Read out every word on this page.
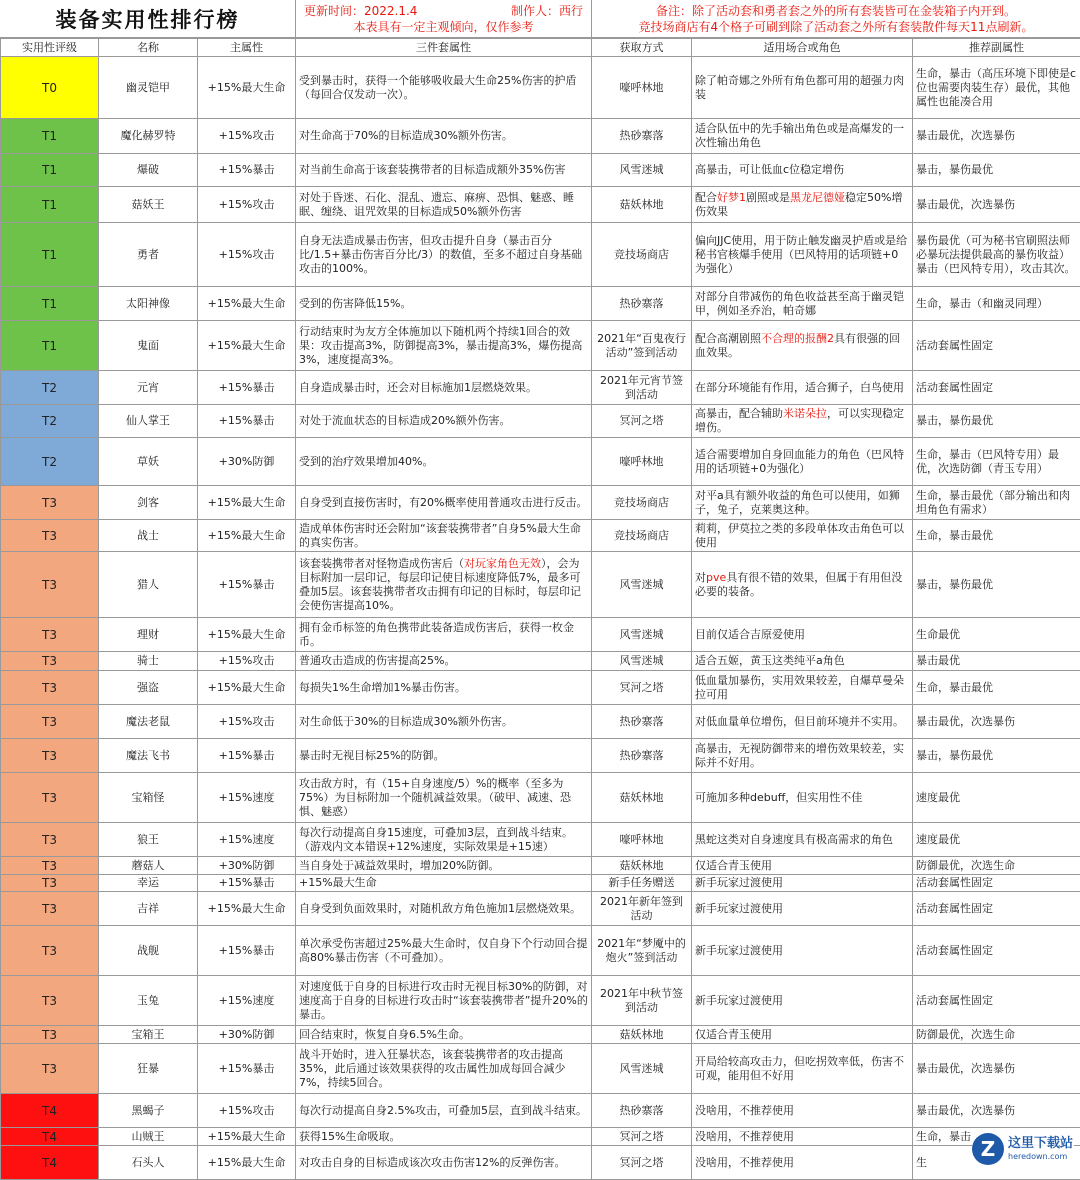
装备实用性排行榜	更新时间：2022.1.4	制作人：西行
本表具有一定主观倾向，仅作参考
备注：除了活动套和勇者套之外的所有套装皆可在金装箱子内开到。
竞技场商店有4个格子可刷到除了活动套之外所有套装散件每天11点刷新。
实用性评级	名称	主属性	三件套属性	获取方式	适用场合或角色	推荐副属性
T0	幽灵铠甲	+15%最大生命	受到暴击时，获得一个能够吸收最大生命25%伤害的护盾（每回合仅发动一次）。	嚎呼林地	除了帕奇娜之外所有角色都可用的超强力肉装	生命，暴击（高压环境下即使是c位也需要肉装生存）最优，其他属性也能凑合用
T1	魔化赫罗特	+15%攻击	对生命高于70%的目标造成30%额外伤害。	热砂寨落	适合队伍中的先手输出角色或是高爆发的一次性输出角色	暴击最优，次选暴伤
T1	爆破	+15%暴击	对当前生命高于该套装携带者的目标造成额外35%伤害	风雪迷城	高暴击，可让低血c位稳定增伤	暴击，暴伤最优
T1	菇妖王	+15%攻击	对处于昏迷、石化、混乱、遗忘、麻痹、恐惧、魅惑、睡眠、缠绕、诅咒效果的目标造成50%额外伤害	菇妖林地	配合好梦1剧照或是黑龙尼德娅稳定50%增伤效果	暴击最优，次选暴伤
T1	勇者	+15%攻击	自身无法造成暴击伤害，但攻击提升自身（暴击百分比/1.5+暴击伤害百分比/3）的数值，至多不超过自身基础攻击的100%。	竞技场商店	偏向JJC使用，用于防止触发幽灵护盾或是给秘书官核爆手使用（巴风特用的话项链+0为强化）	暴伤最优（可为秘书官刷照法师必暴玩法提供最高的暴伤收益）暴击（巴风特专用），攻击其次。
T1	太阳神像	+15%最大生命	受到的伤害降低15%。	热砂寨落	对部分自带减伤的角色收益甚至高于幽灵铠甲，例如圣乔治，帕奇娜	生命，暴击（和幽灵同理）
T1	鬼面	+15%最大生命	行动结束时为友方全体施加以下随机两个持续1回合的效果：攻击提高3%，防御提高3%，暴击提高3%，爆伤提高3%，速度提高3%。	2021年“百鬼夜行活动”签到活动	配合高潮剧照不合理的报酬2具有很强的回血效果。	活动套属性固定
T2	元宵	+15%暴击	自身造成暴击时，还会对目标施加1层燃烧效果。	2021年元宵节签到活动	在部分环境能有作用，适合狮子，白鸟使用	活动套属性固定
T2	仙人掌王	+15%暴击	对处于流血状态的目标造成20%额外伤害。	冥河之塔	高暴击，配合辅助米诺朵拉，可以实现稳定增伤。	暴击，暴伤最优
T2	草妖	+30%防御	受到的治疗效果增加40%。	嚎呼林地	适合需要增加自身回血能力的角色（巴风特用的话项链+0为强化）	生命，暴击（巴风特专用）最优，次选防御（青玉专用）
T3	剑客	+15%最大生命	自身受到直接伤害时，有20%概率使用普通攻击进行反击。	竞技场商店	对平a具有额外收益的角色可以使用，如狮子，兔子，克莱奥这种。	生命，暴击最优（部分输出和肉坦角色有需求）
T3	战士	+15%最大生命	造成单体伤害时还会附加“该套装携带者”自身5%最大生命的真实伤害。	竞技场商店	莉莉，伊莫拉之类的多段单体攻击角色可以使用	生命，暴击最优
T3	猎人	+15%暴击	该套装携带者对怪物造成伤害后（对玩家角色无效），会为目标附加一层印记，每层印记使目标速度降低7%，最多可叠加5层。该套装携带者攻击拥有印记的目标时，每层印记会使伤害提高10%。	风雪迷城	对pve具有很不错的效果，但属于有用但没必要的装备。	暴击，暴伤最优
T3	理财	+15%最大生命	拥有金币标签的角色携带此装备造成伤害后，获得一枚金币。	风雪迷城	目前仅适合吉原爱使用	生命最优
T3	骑士	+15%攻击	普通攻击造成的伤害提高25%。	风雪迷城	适合五姬，黄玉这类纯平a角色	暴击最优
T3	强盗	+15%最大生命	每损失1%生命增加1%暴击伤害。	冥河之塔	低血量加暴伤，实用效果较差，自爆草曼朵拉可用	生命，暴击最优
T3	魔法老鼠	+15%攻击	对生命低于30%的目标造成30%额外伤害。	热砂寨落	对低血量单位增伤，但目前环境并不实用。	暴击最优，次选暴伤
T3	魔法飞书	+15%暴击	暴击时无视目标25%的防御。	热砂寨落	高暴击，无视防御带来的增伤效果较差，实际并不好用。	暴击，暴伤最优
T3	宝箱怪	+15%速度	攻击敌方时，有（15+自身速度/5）%的概率（至多为75%）为目标附加一个随机减益效果。（破甲、减速、恐惧、魅惑）	菇妖林地	可施加多种debuff，但实用性不佳	速度最优
T3	狼王	+15%速度	每次行动提高自身15速度，可叠加3层，直到战斗结束。（游戏内文本错误+12%速度，实际效果是+15速）	嚎呼林地	黑蛇这类对自身速度具有极高需求的角色	速度最优
T3	蘑菇人	+30%防御	当自身处于减益效果时，增加20%防御。	菇妖林地	仅适合青玉使用	防御最优，次选生命
T3	幸运	+15%暴击	+15%最大生命	新手任务赠送	新手玩家过渡使用	活动套属性固定
T3	吉祥	+15%最大生命	自身受到负面效果时，对随机敌方角色施加1层燃烧效果。	2021年新年签到活动	新手玩家过渡使用	活动套属性固定
T3	战舰	+15%暴击	单次承受伤害超过25%最大生命时，仅自身下个行动回合提高80%暴击伤害（不可叠加）。	2021年“梦魇中的炮火”签到活动	新手玩家过渡使用	活动套属性固定
T3	玉兔	+15%速度	对速度低于自身的目标进行攻击时无视目标30%的防御，对速度高于自身的目标进行攻击时“该套装携带者”提升20%的暴击。	2021年中秋节签到活动	新手玩家过渡使用	活动套属性固定
T3	宝箱王	+30%防御	回合结束时，恢复自身6.5%生命。	菇妖林地	仅适合青玉使用	防御最优，次选生命
T3	狂暴	+15%暴击	战斗开始时，进入狂暴状态，该套装携带者的攻击提高35%，此后通过该效果获得的攻击属性加成每回合减少7%，持续5回合。	风雪迷城	开局给较高攻击力，但吃拐效率低，伤害不可观，能用但不好用	暴击最优，次选暴伤
T4	黑蝎子	+15%攻击	每次行动提高自身2.5%攻击，可叠加5层，直到战斗结束。	热砂寨落	没啥用，不推荐使用	暴击最优，次选暴伤
T4	山贼王	+15%最大生命	获得15%生命吸取。	冥河之塔	没啥用，不推荐使用	生命，暴击
T4	石头人	+15%最大生命	对攻击自身的目标造成该次攻击伤害12%的反弹伤害。	冥河之塔	没啥用，不推荐使用	生
Z 这里下载站
heredown.com
